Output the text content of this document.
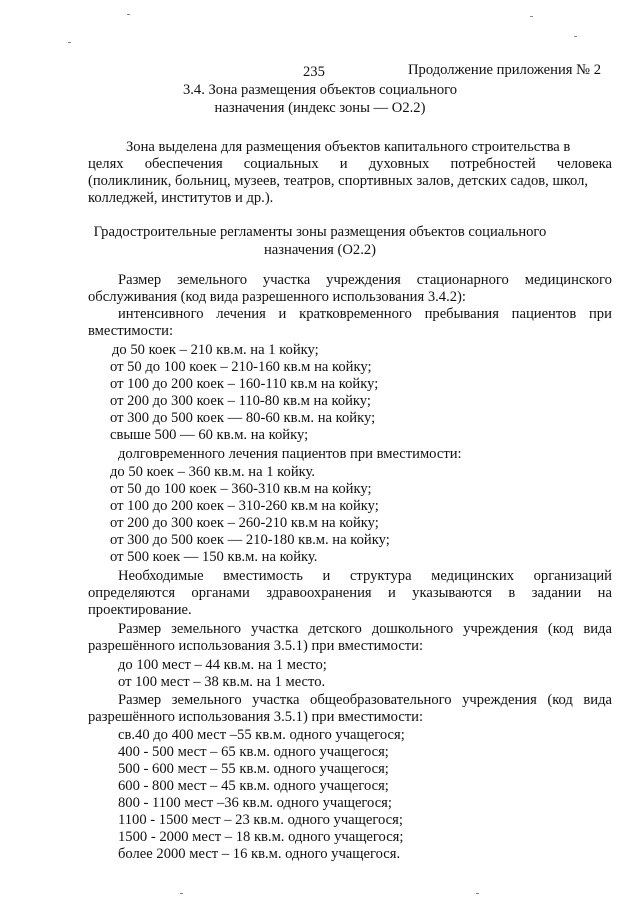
235	Продолжение приложения № 2
3.4. Зона размещения объектов социального
назначения (индекс зоны — О2.2)
Зона выделена для размещения объектов капитального строительства в
целях обеспечения социальных и духовных потребностей человека
(поликлиник, больниц, музеев, театров, спортивных залов, детских садов, школ,
колледжей, институтов и др.).
Градостроительные регламенты зоны размещения объектов социального
назначения (О2.2)
Размер земельного участка учреждения стационарного медицинского
обслуживания (код вида разрешенного использования 3.4.2):
интенсивного лечения и кратковременного пребывания пациентов при
вместимости:
до 50 коек – 210 кв.м. на 1 койку;
от 50 до 100 коек – 210-160 кв.м на койку;
от 100 до 200 коек – 160-110 кв.м на койку;
от 200 до 300 коек – 110-80 кв.м на койку;
от 300 до 500 коек — 80-60 кв.м. на койку;
свыше 500 — 60 кв.м. на койку;
долговременного лечения пациентов при вместимости:
до 50 коек – 360 кв.м. на 1 койку.
от 50 до 100 коек – 360-310 кв.м на койку;
от 100 до 200 коек – 310-260 кв.м на койку;
от 200 до 300 коек – 260-210 кв.м на койку;
от 300 до 500 коек — 210-180 кв.м. на койку;
от 500 коек — 150 кв.м. на койку.
Необходимые вместимость и структура медицинских организаций
определяются органами здравоохранения и указываются в задании на
проектирование.
Размер земельного участка детского дошкольного учреждения (код вида
разрешённого использования 3.5.1) при вместимости:
до 100 мест – 44 кв.м. на 1 место;
от 100 мест – 38 кв.м. на 1 место.
Размер земельного участка общеобразовательного учреждения (код вида
разрешённого использования 3.5.1) при вместимости:
св.40 до 400 мест –55 кв.м. одного учащегося;
400 - 500 мест – 65 кв.м. одного учащегося;
500 - 600 мест – 55 кв.м. одного учащегося;
600 - 800 мест – 45 кв.м. одного учащегося;
800 - 1100 мест –36 кв.м. одного учащегося;
1100 - 1500 мест – 23 кв.м. одного учащегося;
1500 - 2000 мест – 18 кв.м. одного учащегося;
более 2000 мест – 16 кв.м. одного учащегося.
